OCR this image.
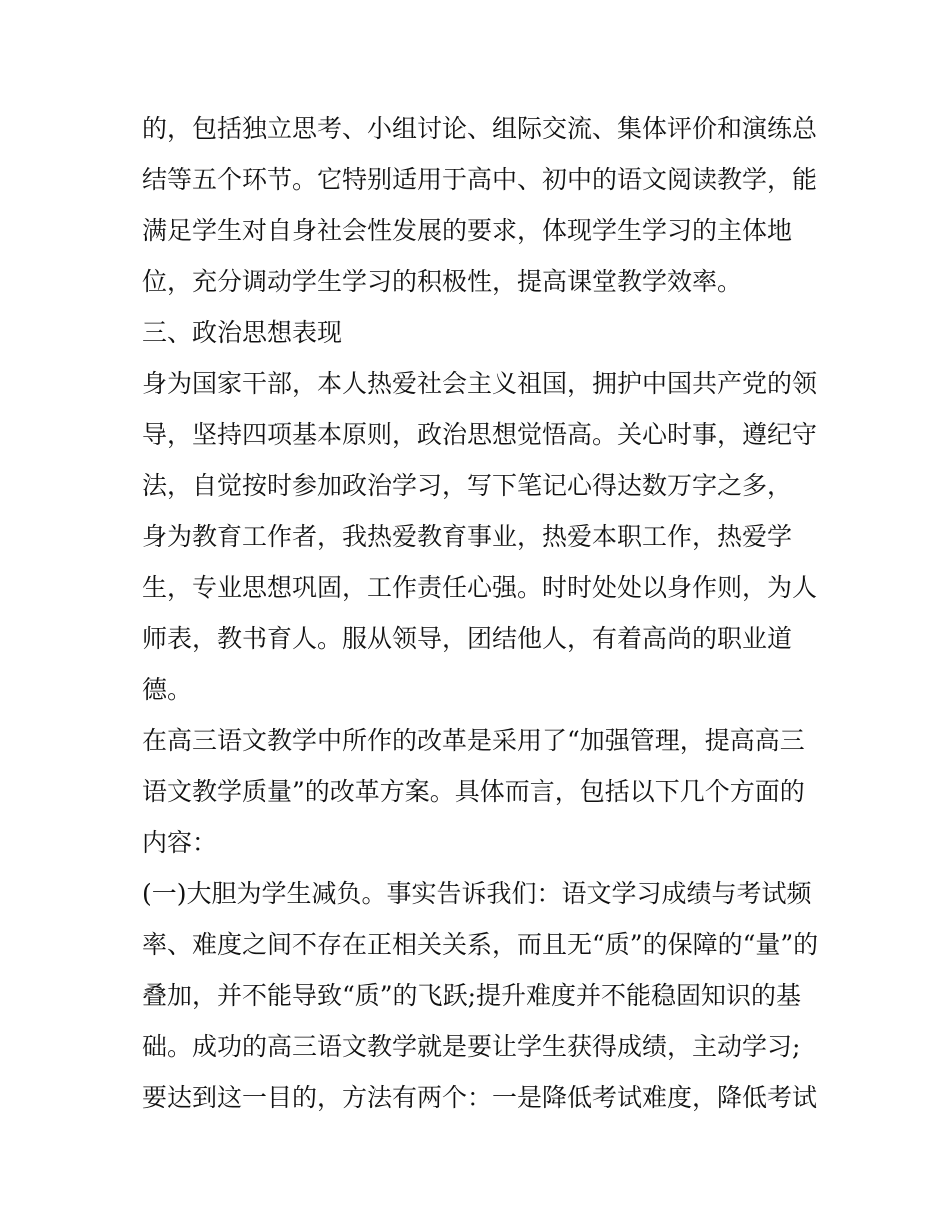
的，包括独立思考、小组讨论、组际交流、集体评价和演练总
结等五个环节。它特别适用于高中、初中的语文阅读教学，能
满足学生对自身社会性发展的要求，体现学生学习的主体地
位，充分调动学生学习的积极性，提高课堂教学效率。
三、政治思想表现
身为国家干部，本人热爱社会主义祖国，拥护中国共产党的领
导，坚持四项基本原则，政治思想觉悟高。关心时事，遵纪守
法，自觉按时参加政治学习，写下笔记心得达数万字之多，
身为教育工作者，我热爱教育事业，热爱本职工作，热爱学
生，专业思想巩固，工作责任心强。时时处处以身作则，为人
师表，教书育人。服从领导，团结他人，有着高尚的职业道
德。
在高三语文教学中所作的改革是采用了“加强管理，提高高三
语文教学质量”的改革方案。具体而言，包括以下几个方面的
内容：
(一)大胆为学生减负。事实告诉我们：语文学习成绩与考试频
率、难度之间不存在正相关关系，而且无“质”的保障的“量”的
叠加，并不能导致“质”的飞跃;提升难度并不能稳固知识的基
础。成功的高三语文教学就是要让学生获得成绩，主动学习;
要达到这一目的，方法有两个：一是降低考试难度，降低考试
